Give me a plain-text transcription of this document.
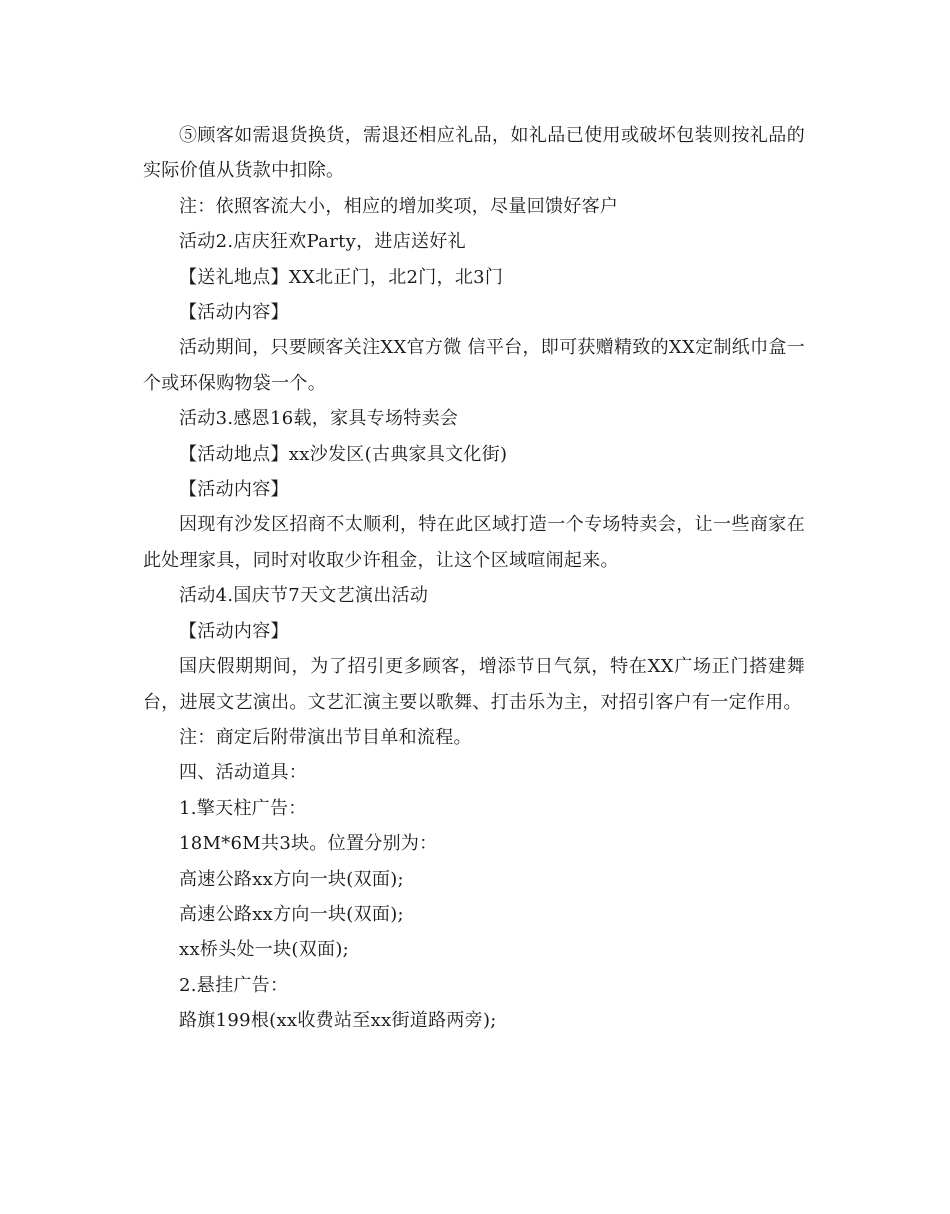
⑤顾客如需退货换货，需退还相应礼品，如礼品已使用或破坏包装则按礼品的实际价值从货款中扣除。

注：依照客流大小，相应的增加奖项，尽量回馈好客户

活动2.店庆狂欢Party，进店送好礼

【送礼地点】XX北正门，北2门，北3门

【活动内容】

活动期间，只要顾客关注XX官方微 信平台，即可获赠精致的XX定制纸巾盒一个或环保购物袋一个。

活动3.感恩16载，家具专场特卖会

【活动地点】xx沙发区(古典家具文化街)

【活动内容】

因现有沙发区招商不太顺利，特在此区域打造一个专场特卖会，让一些商家在此处理家具，同时对收取少许租金，让这个区域喧闹起来。

活动4.国庆节7天文艺演出活动

【活动内容】

国庆假期期间，为了招引更多顾客，增添节日气氛，特在XX广场正门搭建舞台，进展文艺演出。文艺汇演主要以歌舞、打击乐为主，对招引客户有一定作用。

注：商定后附带演出节目单和流程。

四、活动道具：

1.擎天柱广告：

18M*6M共3块。位置分别为：

高速公路xx方向一块(双面);

高速公路xx方向一块(双面);

xx桥头处一块(双面);

2.悬挂广告：

路旗199根(xx收费站至xx街道路两旁);
